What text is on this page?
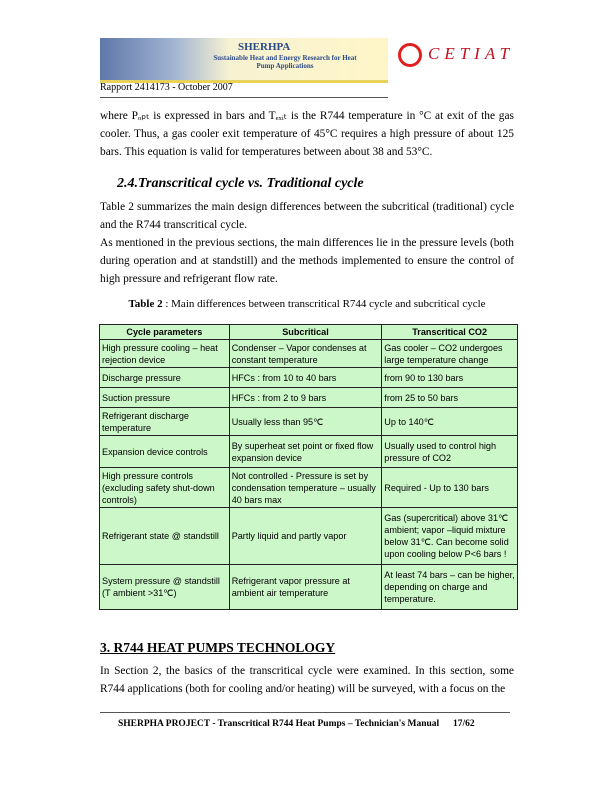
SHERHPA
Sustainable Heat and Energy Research for Heat Pump Applications
CETIAT
Rapport 2414173 - October 2007
where Pₒₚₜ is expressed in bars and Tₑₓᵢₜ is the R744 temperature in °C at exit of the gas cooler. Thus, a gas cooler exit temperature of 45°C requires a high pressure of about 125 bars. This equation is valid for temperatures between about 38 and 53°C.
2.4.Transcritical cycle vs. Traditional cycle
Table 2 summarizes the main design differences between the subcritical (traditional) cycle and the R744 transcritical cycle.
As mentioned in the previous sections, the main differences lie in the pressure levels (both during operation and at standstill) and the methods implemented to ensure the control of high pressure and refrigerant flow rate.
Table 2 : Main differences between transcritical R744 cycle and subcritical cycle
Cycle parameters	Subcritical	Transcritical CO2
High pressure cooling – heat rejection device	Condenser – Vapor condenses at constant temperature	Gas cooler – CO2 undergoes large temperature change
Discharge pressure	HFCs : from 10 to 40 bars	from 90 to 130 bars
Suction pressure	HFCs : from 2 to 9 bars	from 25 to 50 bars
Refrigerant discharge temperature	Usually less than 95℃	Up to 140℃
Expansion device controls	By superheat set point or fixed flow expansion device	Usually used to control high pressure of CO2
High pressure controls (excluding safety shut-down controls)	Not controlled - Pressure is set by condensation temperature – usually 40 bars max	Required - Up to 130 bars
Refrigerant state @ standstill	Partly liquid and partly vapor	Gas (supercritical) above 31℃ ambient; vapor –liquid mixture below 31℃. Can become solid upon cooling below P<6 bars !
System pressure @ standstill (T ambient >31℃)	Refrigerant vapor pressure at ambient air temperature	At least 74 bars – can be higher, depending on charge and temperature.
3. R744 HEAT PUMPS TECHNOLOGY
In Section 2, the basics of the transcritical cycle were examined. In this section, some R744 applications (both for cooling and/or heating) will be surveyed, with a focus on the
SHERPHA PROJECT - Transcritical R744 Heat Pumps – Technician's Manual 17/62
